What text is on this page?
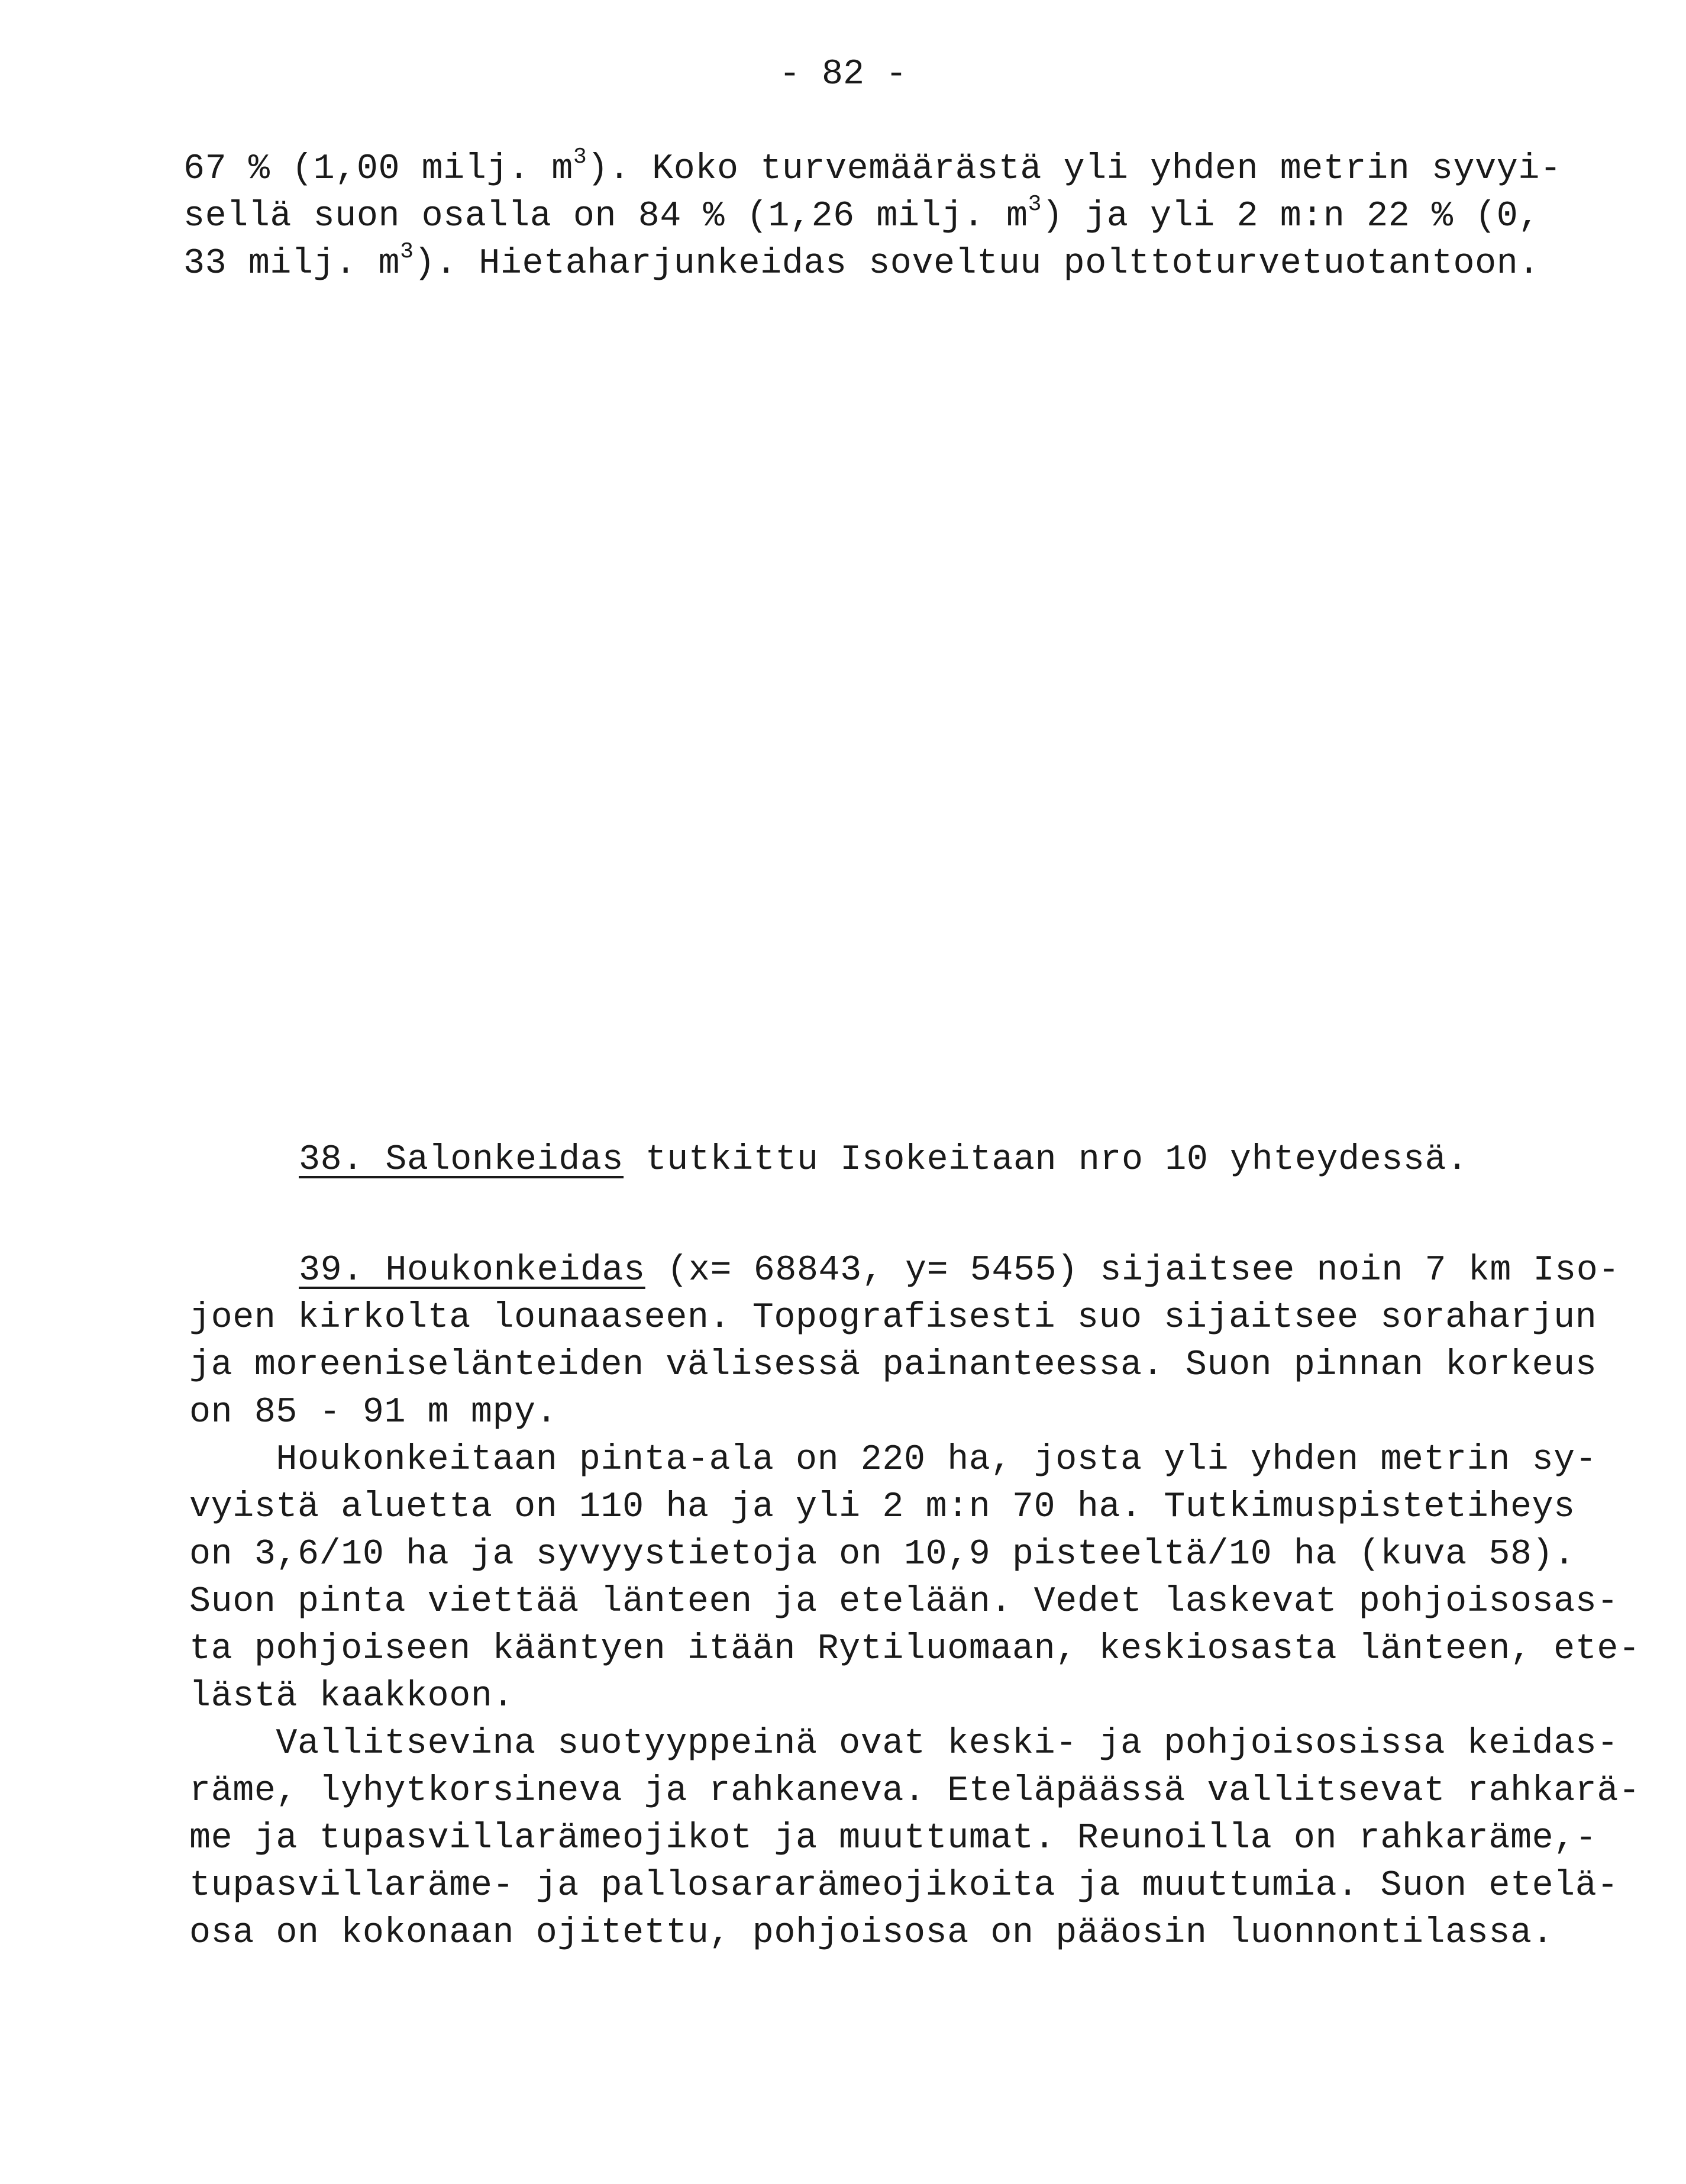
- 82 -
67 % (1,00 milj. $m^3$). Koko turvemäärästä yli yhden metrin syvyi-
sellä suon osalla on 84 % (1,26 milj. $m^3$) ja yli 2 m:n 22 % (0,
33 milj. $m^3$). Hietaharjunkeidas soveltuu polttoturvetuotantoon.
38. Salonkeidas tutkittu Isokeitaan nro 10 yhteydessä.
39. Houkonkeidas (x= 68843, y= 5455) sijaitsee noin 7 km Iso-
joen kirkolta lounaaseen. Topografisesti suo sijaitsee soraharjun
ja moreeniselänteiden välisessä painanteessa. Suon pinnan korkeus
on 85 - 91 m mpy.
Houkonkeitaan pinta-ala on 220 ha, josta yli yhden metrin sy-
vyistä aluetta on 110 ha ja yli 2 m:n 70 ha. Tutkimuspistetiheys
on 3,6/10 ha ja syvyystietoja on 10,9 pisteeltä/10 ha (kuva 58).
Suon pinta viettää länteen ja etelään. Vedet laskevat pohjoisosas-
ta pohjoiseen kääntyen itään Rytiluomaan, keskiosasta länteen, ete-
lästä kaakkoon.
Vallitsevina suotyyppeinä ovat keski- ja pohjoisosissa keidas-
räme, lyhytkorsineva ja rahkaneva. Eteläpäässä vallitsevat rahkarä-
me ja tupasvillarämeojikot ja muuttumat. Reunoilla on rahkaräme,-
tupasvillaräme- ja pallosararämeojikoita ja muuttumia. Suon etelä-
osa on kokonaan ojitettu, pohjoisosa on pääosin luonnontilassa.
